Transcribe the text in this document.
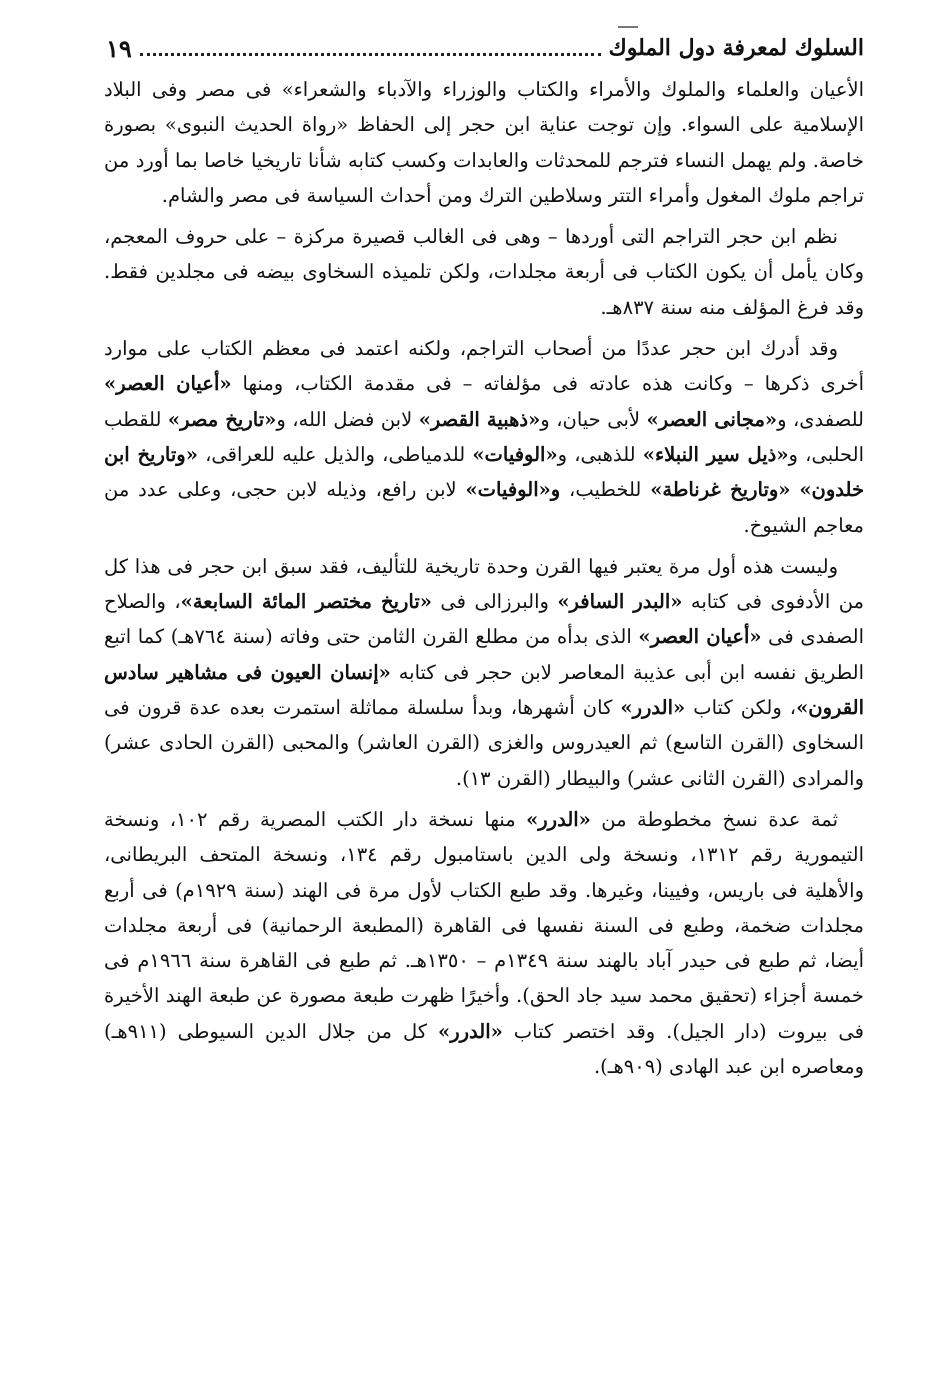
السلوك لمعرفة دول الملوك
١٩

الأعيان والعلماء والملوك والأمراء والكتاب والوزراء والآدباء والشعراء» فى مصر وفى البلاد الإسلامية على السواء. وإن توجت عناية ابن حجر إلى الحفاظ «رواة الحديث النبوى» بصورة خاصة. ولم يهمل النساء فترجم للمحدثات والعابدات وكسب كتابه شأنا تاريخيا خاصا بما أورد من تراجم ملوك المغول وأمراء التتر وسلاطين الترك ومن أحداث السياسة فى مصر والشام.

نظم ابن حجر التراجم التى أوردها – وهى فى الغالب قصيرة مركزة – على حروف المعجم، وكان يأمل أن يكون الكتاب فى أربعة مجلدات، ولكن تلميذه السخاوى بيضه فى مجلدين فقط. وقد فرغ المؤلف منه سنة ٨٣٧هـ.

وقد أدرك ابن حجر عددًا من أصحاب التراجم، ولكنه اعتمد فى معظم الكتاب على موارد أخرى ذكرها – وكانت هذه عادته فى مؤلفاته – فى مقدمة الكتاب، ومنها «أعيان العصر» للصفدى، و«مجانى العصر» لأبى حيان، و«ذهبية القصر» لابن فضل الله، و«تاريخ مصر» للقطب الحلبى، و«ذيل سير النبلاء» للذهبى، و«الوفيات» للدمياطى، والذيل عليه للعراقى، «وتاريخ ابن خلدون» «وتاريخ غرناطة» للخطيب، و«الوفيات» لابن رافع، وذيله لابن حجى، وعلى عدد من معاجم الشيوخ.

وليست هذه أول مرة يعتبر فيها القرن وحدة تاريخية للتأليف، فقد سبق ابن حجر فى هذا كل من الأدفوى فى كتابه «البدر السافر» والبرزالى فى «تاريخ مختصر المائة السابعة»، والصلاح الصفدى فى «أعيان العصر» الذى بدأه من مطلع القرن الثامن حتى وفاته (سنة ٧٦٤هـ) كما اتبع الطريق نفسه ابن أبى عذيبة المعاصر لابن حجر فى كتابه «إنسان العيون فى مشاهير سادس القرون»، ولكن كتاب «الدرر» كان أشهرها، وبدأ سلسلة مماثلة استمرت بعده عدة قرون فى السخاوى (القرن التاسع) ثم العيدروس والغزى (القرن العاشر) والمحبى (القرن الحادى عشر) والمرادى (القرن الثانى عشر) والبيطار (القرن ١٣).

ثمة عدة نسخ مخطوطة من «الدرر» منها نسخة دار الكتب المصرية رقم ١٠٢، ونسخة التيمورية رقم ١٣١٢، ونسخة ولى الدين باستامبول رقم ١٣٤، ونسخة المتحف البريطانى، والأهلية فى باريس، وفيينا، وغيرها. وقد طبع الكتاب لأول مرة فى الهند (سنة ١٩٢٩م) فى أربع مجلدات ضخمة، وطبع فى السنة نفسها فى القاهرة (المطبعة الرحمانية) فى أربعة مجلدات أيضا، ثم طبع فى حيدر آباد بالهند سنة ١٣٤٩م – ١٣٥٠هـ. ثم طبع فى القاهرة سنة ١٩٦٦م فى خمسة أجزاء (تحقيق محمد سيد جاد الحق). وأخيرًا ظهرت طبعة مصورة عن طبعة الهند الأخيرة فى بيروت (دار الجيل). وقد اختصر كتاب «الدرر» كل من جلال الدين السيوطى (٩١١هـ) ومعاصره ابن عبد الهادى (٩٠٩هـ).
